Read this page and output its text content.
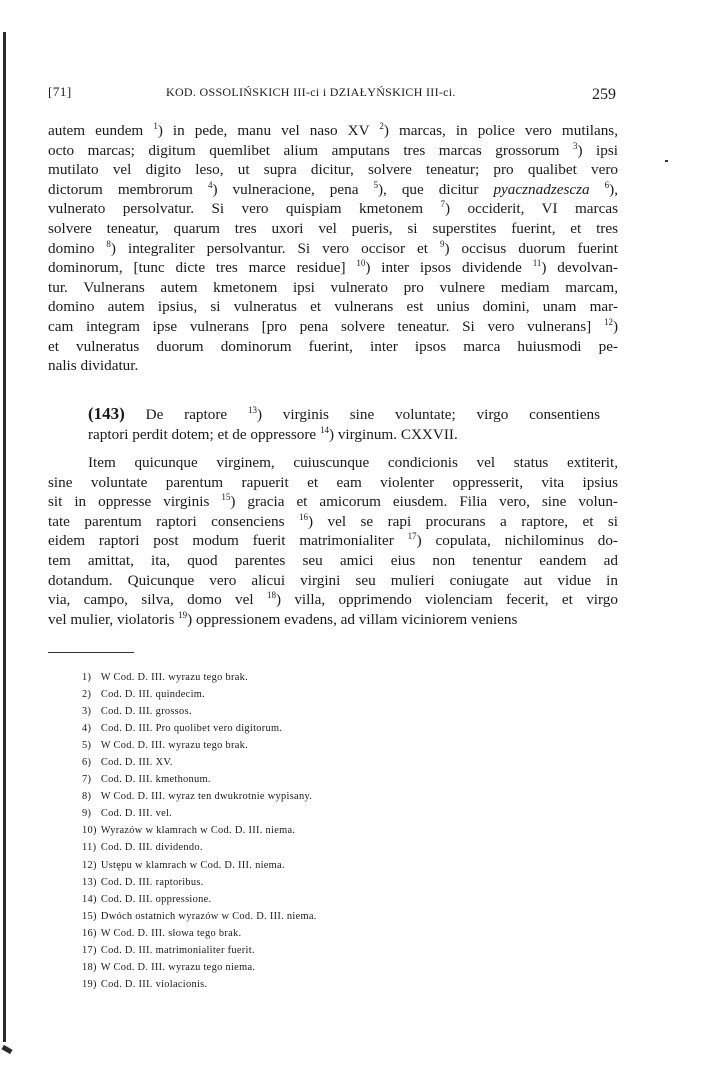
[71]	KOD. OSSOLIŃSKICH III-ci i DZIAŁYŃSKICH III-ci.	259
autem eundem $^1$) in pede, manu vel naso XV $^2$) marcas, in police vero mutilans,
octo marcas; digitum quemlibet alium amputans tres marcas grossorum $^3$) ipsi
mutilato vel digito leso, ut supra dicitur, solvere teneatur; pro qualibet vero
dictorum membrorum $^4$) vulneracione, pena $^5$), que dicitur pyacznadzescza $^6$),
vulnerato persolvatur. Si vero quispiam kmetonem $^7$) occiderit, VI marcas
solvere teneatur, quarum tres uxori vel pueris, si superstites fuerint, et tres
domino $^8$) integraliter persolvantur. Si vero occisor et $^9$) occisus duorum fuerint
dominorum, [tunc dicte tres marce residue] $^{10}$) inter ipsos dividende $^{11}$) devolvan-
tur. Vulnerans autem kmetonem ipsi vulnerato pro vulnere mediam marcam,
domino autem ipsius, si vulneratus et vulnerans est unius domini, unam mar-
cam integram ipse vulnerans [pro pena solvere teneatur. Si vero vulnerans] $^{12}$)
et vulneratus duorum dominorum fuerint, inter ipsos marca huiusmodi pe-
nalis dividatur.
(143) De raptore $^{13}$) virginis sine voluntate; virgo consentiens
raptori perdit dotem; et de oppressore $^{14}$) virginum. CXXVII.
Item quicunque virginem, cuiuscunque condicionis vel status extiterit,
sine voluntate parentum rapuerit et eam violenter oppresserit, vita ipsius
sit in oppresse virginis $^{15}$) gracia et amicorum eiusdem. Filia vero, sine volun-
tate parentum raptori consenciens $^{16}$) vel se rapi procurans a raptore, et si
eidem raptori post modum fuerit matrimonialiter $^{17}$) copulata, nichilominus do-
tem amittat, ita, quod parentes seu amici eius non tenentur eandem ad
dotandum. Quicunque vero alicui virgini seu mulieri coniugate aut vidue in
via, campo, silva, domo vel $^{18}$) villa, opprimendo violenciam fecerit, et virgo
vel mulier, violatoris $^{19}$) oppressionem evadens, ad villam viciniorem veniens
1) W Cod. D. III. wyrazu tego brak.
2) Cod. D. III. quindecim.
3) Cod. D. III. grossos.
4) Cod. D. III. Pro quolibet vero digitorum.
5) W Cod. D. III. wyrazu tego brak.
6) Cod. D. III. XV.
7) Cod. D. III. kmethonum.
8) W Cod. D. III. wyraz ten dwukrotnie wypisany.
9) Cod. D. III. vel.
10) Wyrazów w klamrach w Cod. D. III. niema.
11) Cod. D. III. dividendo.
12) Ustępu w klamrach w Cod. D. III. niema.
13) Cod. D. III. raptoribus.
14) Cod. D. III. oppressione.
15) Dwóch ostatnich wyrazów w Cod. D. III. niema.
16) W Cod. D. III. słowa tego brak.
17) Cod. D. III. matrimonialiter fuerit.
18) W Cod. D. III. wyrazu tego niema.
19) Cod. D. III. violacionis.
